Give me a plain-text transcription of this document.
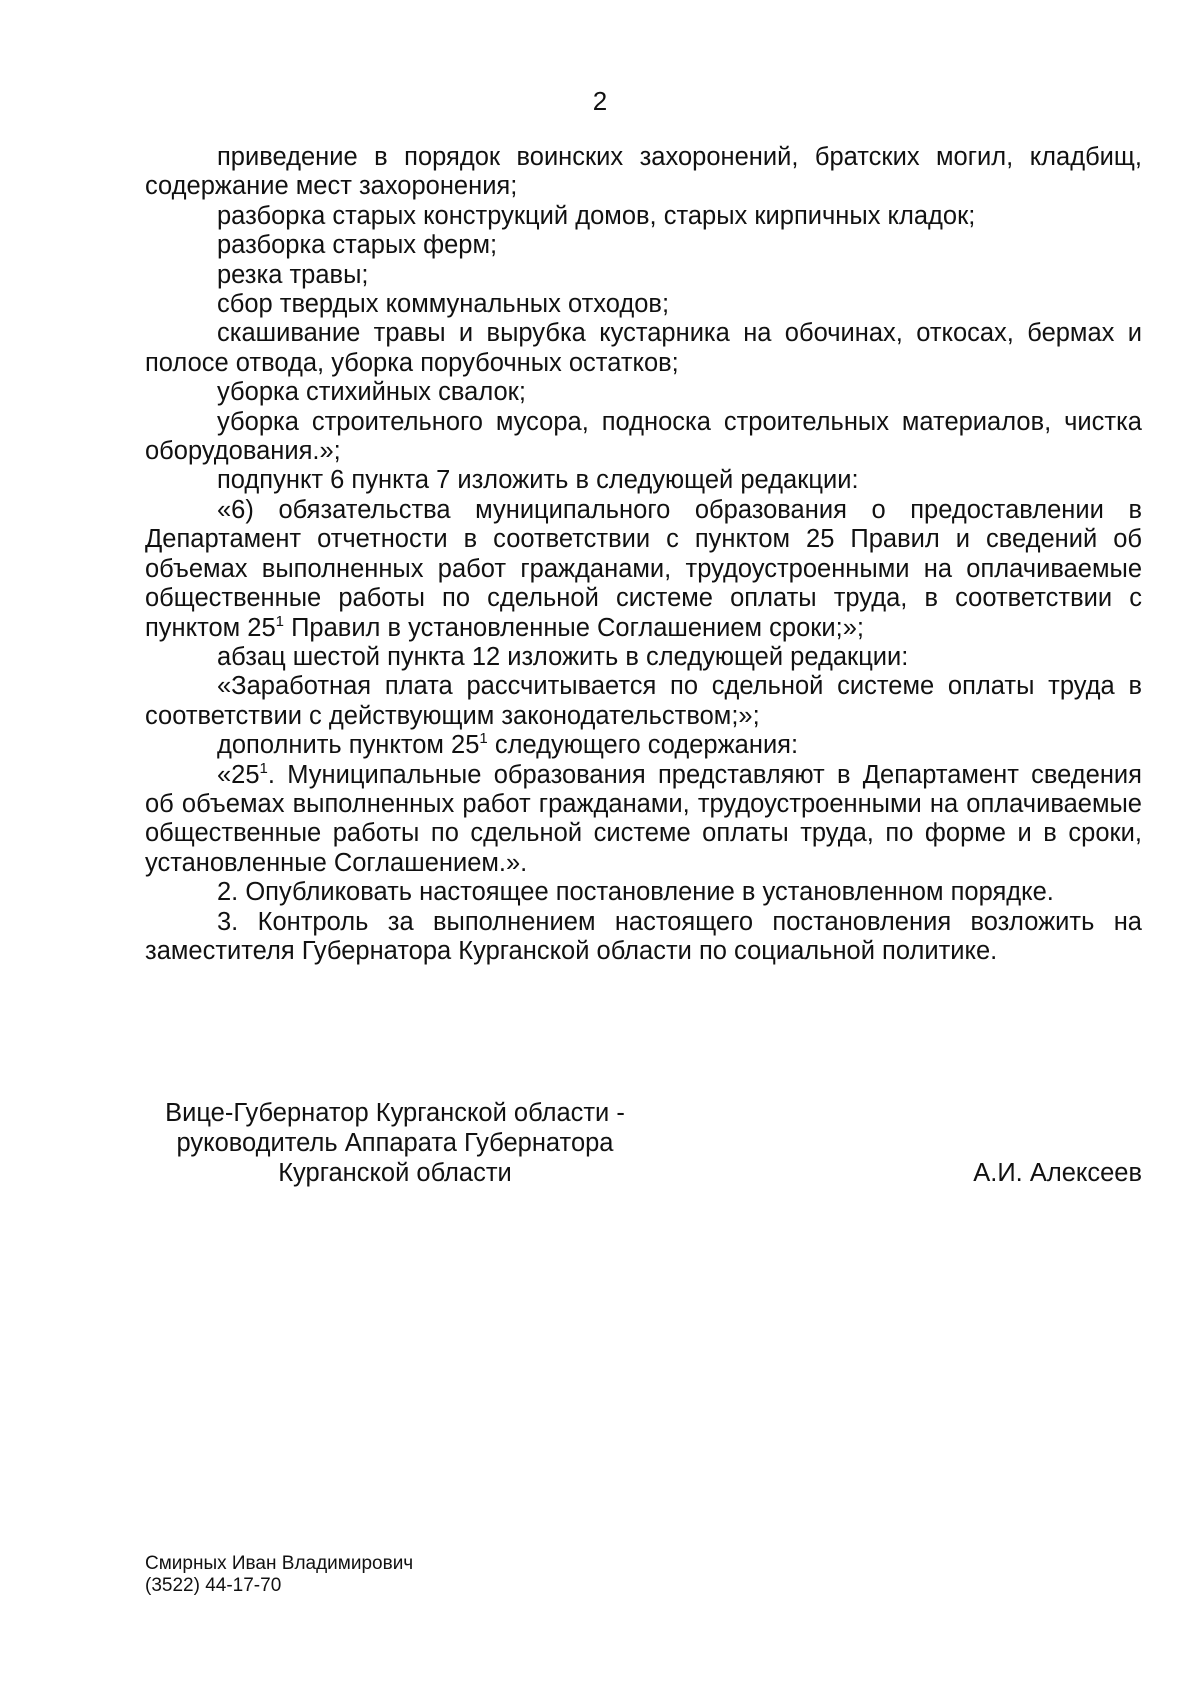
2

приведение в порядок воинских захоронений, братских могил, кладбищ, содержание мест захоронения;

разборка старых конструкций домов, старых кирпичных кладок;

разборка старых ферм;

резка травы;

сбор твердых коммунальных отходов;

скашивание травы и вырубка кустарника на обочинах, откосах, бермах и полосе отвода, уборка порубочных остатков;

уборка стихийных свалок;

уборка строительного мусора, подноска строительных материалов, чистка оборудования.»;

подпункт 6 пункта 7 изложить в следующей редакции:

«6) обязательства муниципального образования о предоставлении в Департамент отчетности в соответствии с пунктом 25 Правил и сведений об объемах выполненных работ гражданами, трудоустроенными на оплачиваемые общественные работы по сдельной системе оплаты труда, в соответствии с пунктом $25^1$ Правил в установленные Соглашением сроки;»;

абзац шестой пункта 12 изложить в следующей редакции:

«Заработная плата рассчитывается по сдельной системе оплаты труда в соответствии с действующим законодательством;»;

дополнить пунктом $25^1$ следующего содержания:

«$25^1$. Муниципальные образования представляют в Департамент сведения об объемах выполненных работ гражданами, трудоустроенными на оплачиваемые общественные работы по сдельной системе оплаты труда, по форме и в сроки, установленные Соглашением.».

2. Опубликовать настоящее постановление в установленном порядке.

3. Контроль за выполнением настоящего постановления возложить на заместителя Губернатора Курганской области по социальной политике.

Вице-Губернатор Курганской области -
руководитель Аппарата Губернатора
Курганской области	А.И. Алексеев
Смирных Иван Владимирович
(3522) 44-17-70
